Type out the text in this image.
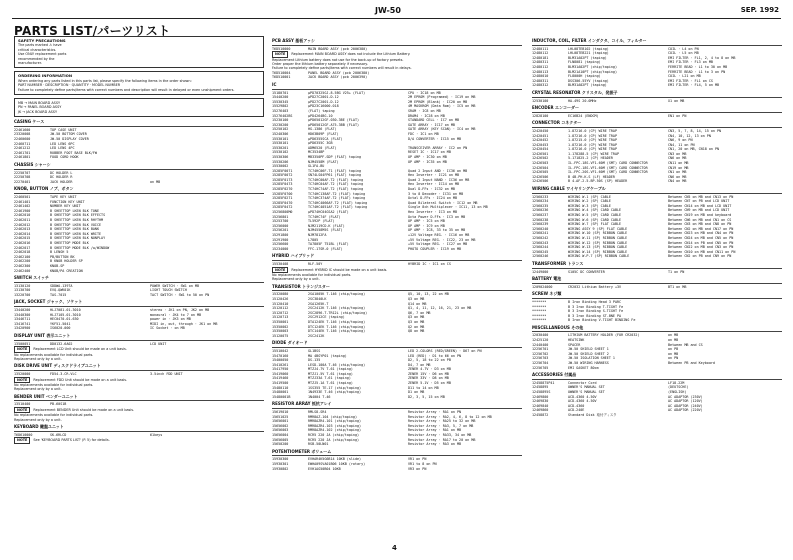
JW-50	SEP. 1992
PARTS LIST/パーツリスト
SAFETY PRECAUTIONS
The parts marked ⚠ have
critical characteristics.
Use ONLY replacement parts
recommended by the
manufacturer.
ORDERING INFORMATION
When ordering any parts listed in this parts list, please specify the following items in the order shown:
PART NUMBER · DESCRIPTION · QUANTITY · MODEL NUMBER
Failure to completely define parts/items with correct numbers and description will result in delayed or even unshipment orders.
MB → MAIN BOARD ASSY
PN → PANEL BOARD ASSY
JK → JACK BOARD ASSY
CASING ケース
22461600	TOP CASE UNIT
23320008	JW-50 BOTTOM COVER
22460600	JW-50 DISPLAY COVER
22460711	LED LENS 6PC
22461212	LED LENS 4PC
22461701	RUBBER FOOT BASE BLK/FW
22461801	FOOD CORD HOOK
CHASSIS シャーシ
22250707	DC HOLDER L
22250708	DC HOLDER R
22270401	JACK HOLDER	on MB
KNOB, BUTTON ノブ、ボタン
22460501	TAPE KEY UNIT
22461401	FUNCTION KEY UNIT
22461402	NUMBER KEY UNIT
22461900	B SHEETTOP LKEN BLK TONE
22462010	B SHEETTOP LKEN BLK EFFECTS
22462011	B SHEETTOP LKEN BLK RHYTHM
22462012	B SHEETTOP LKEN BLK VOICE
22462013	B SHEETTOP LKEN BLK BANK
22462014	B SHEETTOP LKEN BLK WRITE
22462015	B SHEETTOP LKEN BLK NONPLAY
22462016	B SHEETTOP MODE BLK
22462017	B SHEETTOP MODE BLK /w/WINDOW
22462018	B LENGH 5
22462100	PB/BUTTON BK
22462200	B KNOB HOLDER SP
22462300	KNOB-SP
22462400	KNOB/PA CREATION
SWITCH スイッチ
13130120	SDDWA-139TA	POWER SWITCH · SW1 on MB
13130700	EVQ-QWK01K	LIGHT TOUCH SWITCH
13220700	TAS-7015	TACT SWITCH · SW1 to 50 on PN
JACK, SOCKET ジャック、ソケット
13440200	HLJ7081-01-3010	stereo · JK1 on PN, JK2 on MB
13440300	HLJ7105-01-3010	monaural · JK4 to 7 on MB
13446711	HEC0470-01-630	power in · JK3 on MB
13416741	YKF51-5041	MIDI in, out, through · JK1 on MB
13420900	IS6020-000	IC Socket · on MB
DISPLAY UNIT 表示ユニット
13500051	DD0132-6A02	LCD UNIT
NOTE Replacement LCD Unit should be made on a unit basis.
No replacements available for individual parts.
Replacement only by a unit.
DISK DRIVE UNIT ディスクドライブユニット
13520000	FD54-3-CR-VLC	3.5inch FDD UNIT
NOTE Replacement FDD Unit should be made on a unit basis.
No replacements available for individual parts.
Replacement only by a unit.
BENDER UNIT ベンダーユニット
13510400	PB-60S1B
NOTE Replacement BENDER Unit should be made on a unit basis.
No replacements available for individual parts.
Replacement only by a unit.
KEYBOARD 鍵盤ユニット
T6D610000	SK-6RLCD	61keys
NOTE See 'KEYBOARD PARTS LIST' (P. 5) for details.
PCB ASSY 基板アッシ
T6D510000	MAIN BOARD ASSY (pcb 2006380)
NOTE Replacement MAIN BOARD ASSY does not include the Lithium Battery.
Replacement Lithium battery does not use for the back-up of factory presets.
Order proper the lithium battery separately if necessary.
Failure to completely define parts/items with correct numbers will result in delays.
T6D510004	PANEL BOARD ASSY (pcb 2006380)
T6D510001	JACK BOARD ASSY (pcb 2006390)
IC
15180701	μPD70325GJ-8-5BG V25+ (FLAT)	CPU · IC18 on MB
15440200	μPD27C2001-D-12	2M EPROM (Programed) · IC19 on MB
15530345	μPD27C2001-D-12	2M EPROM (Blank) · IC20 on MB
15529802	μPD23C16000-018	4M MASKROM (Data Rom) · IC5 on MB
15276403	(FLAT) taping	SRAM · IC8 on MB
15276402BS	μPD4264BG-10	DRAM4 · IC28 on MB
15230100	μPD65012GF-030-3BE (FLAT)	STANDARD CELL · IC7 on MB
15230200	μPD65012GF-A75-3BB (FLAT)	GATE ARRAY · IC17 on MB
15250102	HG-1386 (FLAT)	GATE ARRAY (KEY SCAN) · IC4 on MB
15240306	HD63B09P (FLAT)	FDC · IC1 on MB
15530101	μPD6355SCA (FLAT)	D/A CONVERTER · IC15 on MB
15530101	μPD6355C 3GB
15530201	ADM6520 (FLAT)	TRANSCEIVER ARRAY · IC2 on PN
15530102	MC3534BP	RESET IC · IC17 on MB
15530306	MB3350PF-SDP (FLAT) taping	OP AMP · IC30 on MB
15530206	NJM4558M (FLAT)	OP AMP · IC35 on MB
15530002	GL1FA-BU
15285F0071	TC74HC06F-T1 (FLAT) taping	Quad 2 Input AND · IC36 on MB
15285F0072	SN74LS04FP61 (FLAT) taping	Hex Inverter · IC21 on MB
15285F0173	TC74HC00AF-T2 (FLAT) taping	Quad 2 Input NAND · IC36 on MB
15285F0473	TC74HC04AF-T2 (FLAT) taping	Hex Inverter · IC14 on MB
15285F0270	TC74HC74AF-T2 (FLAT) taping	Dual D-FFs · IC32 on MB
15285F0700	TC74HC138AF-T2 (FLAT) taping	3 to 8 Decoder · IC31 on MB
15285F0271	TC74HC374AF-T2 (FLAT) taping	Octal D-FFs · IC24 on MB
15285F0470	TC74HC4066AF-T2 (FLAT) taping	Quad Bilateral Switch · IC12 on MB
15285F0472	TC74HC4051AF-T2 (FLAT) taping	Single 8ch Multiplexer · IC11, 13 on MB
15256800M0	μPD74HC04GSA2 (FLAT)	Hex Inverter · IC3 on MB
15256801	TC74HC74F (FLAT)	Octa Power D-FFs · IC3 on MB
15253700	TL592P (FLAT)	OP AMP · IC5 on MB
15256000	NJM2119CD-K (FLAT)	OP AMP · IC9 on MB
15256201	NJM4558M5S (FLAT)	OP AMP · IC8, 33 to 35 on MB
15291800	NJM7812FA	+12V Voltage REG. · IC16 on MB
15291900	L7805	+5V Voltage REG. · IC22, 23 on MB
15256600	TA7805F T51BL (FLAT)	+5V Voltage REG. · IC27 on MB
15234000	FFC-17SR-0 (FLAT)	PHOTO COUPLER · IC19 on MB
HYBRID ハイブリッド
15530408	RLF-50Y	HYBRID IC · IC1 on CS
NOTE Replacement HYBRID IC should be made on a unit basis.
No replacements available for individual parts.
Replacement only by a unit.
TRANSISTOR トランジスター
15320080	2SA1005K T-146 (chip/taping)	Q5, 10, 13, 22 on MB
15120426	2SC3840LK	Q3 on MB
15120410	2SA1265K-T	Q14 on MB
15120112	2SC2412K T-146 (chip/taping)	Q1, 4, 11, 12, 16, 21, 23 on MB
15120712	2SC2896-T-TR12L (chip/taping)	Q6, 7 on MB
15120713	2SC2912CE (taping)	Q3 on MB
15350001	DTA124EK T-146 (chip/taping)	Q3 on MB
15350002	DTC124EK T-146 (chip/taping)	Q2 on MB
15350003	DTC144EK T-146 (chip/taping)	Q8 on MB
15120075	2SC2412K
DIODE ダイオード
15510042	GL1BSS	LED 2-COLORS (RED/GREEN) · D67 on PN
15470160	MA 4BGYP01 (taping)	LED (RED) · D1 to 66 on PN
15400050	DS-135	D2, 5, 18 to 22 on PB
15410261	LESD-100A T-46 (chip/taping)	D4, 7 on MB
15417950	MTZJ4.7V T-61 (taping)	ZENER 4.7V · D3 on MB
15419060	MTZJ1.5V T-61 (taping)	ZENER 15V · D6 on MB
15419460	MTZJ33A T-61 (taping)	ZENER 33V · D8 on MB
15419500	MTZJ5.1A T-61 (taping)	ZENER 5.1V · D5 on MB
15480110	1SS355 TE-17 (chip/taping)	D11 to 14 on MB
15480001	1N4933E T-46 (chip/taping)	D1 on MB
15480001B	1N4004 T-46	D2, 3, 5, 15 on MB
RESISTOR ARRAY 抵抗アレイ
15619010	RMLS8-SR4	Resistor Array · RA1 on PN
15651025	RMR8AZ-104 (chip/taping)	Resistor Array · RA2, 4, 6, 8 to 12 on MB
15656001	RMR8AZR4-101 (chip/taping)	Resistor Array · RA25 to 32 on MB
15656002	RMR8AZR4-103 (chip/taping)	Resistor Array · RA3, 5, 7 on MB
15656003	RMR8AZR4-102 (chip/taping)	Resistor Array · RA1 on MB
15656004	RCR5 220 JA (chip/taping)	Resistor Array · RA33, 34 on MB
15656005	RCR5 220 JA (chip/taping)	Resistor Array · RA17 to 20 on MB
15650200	RSB-50LN01	Resistor Array · RA3 on MB
POTENTIOMETER ボリューム
15930300	EVHAR4K5G6B14 10KB (slide)	VR1 on PN
15930301	EWHA09SVA01B06 10KB (rotary)	VR1 to 8 on PN
15930802	EVH1AG50B04 10KB	VR3 on PN
INDUCTOR, COIL, FILTER インダクタ、コイル、フィルター
12480111	LHL08TEB102 (taping)	COIL · L4 on PN
12480112	LHL08TEB221 (taping)	COIL · L5 on MB
12480181	BLM31A02PT (taping)	EMI FILTER · FL1, 2, 4 to 8 on MB
12480311	FLN8081 (taping)	EMI FILTER · FL3 on MB
12480112	BLM31A02PT (chip/taping)	FERRITE BEAD · L1 to 30 on MB
12480113	BLM21A10PT (chip/taping)	FERRITE BEAD · L1 to 3 on PN
12480010	FL8000H (taping)	COIL · L21 on MB
12480311	DSS306-55YV (taping)	EMI FILTER · FL1 on CS
12480312	BLM31A02PT (taping)	EMI FILTER · FL4, 5 on MB
CRYSTAL RESONATOR クリスタル、発振子
12530100	HA-49S 20.0MHz	X1 on MB
ENCODER エンコーダー
12828100	EC16B24 (ENDCM)	EN1 on PN
CONNECTOR コネクター
12420450	1-87216-0 (CP) WIRE TRAP	CN3, 5, 7, 8, 14, 15 on PN
12420451	1-87216-0 (CP) WIRE TRAP	CN4, 10, 12, 13 on PN
12420452	1-87215-0 (CP) WIRE TRAP	CN6, 9 on PN
12420453	1-87216-0 (CP) WIRE TRAP	CN4, 11 on PN
12420454	1-87216-0 (CP) WIRE TRAP	CN1, 20 on MB, CN18 on PN
12426501	1-178288-5 (CP) WIRE TRAP	CN3 on MB
12426502	5-171825-2 (CP) HEADER	CN6 on MB
12426503	IL-FPC-18S-VF1-60M (SMT) CARD CONNECTOR	CN11 on MB
12426504	IL-FPC-18S-VF1-60M (SMT) CARD CONNECTOR	CN19 on MB
12426505	IL-FPC-20S-VF1-60M (SMT) CARD CONNECTOR	CN1 on MB
12426506	B 4B-PH-K-S (LF) HEADER	CN6 on MB
12426506	B 4-AF-2.5-BP-50S (SP) HEADER	CN4 on MB
WIRING CABLE ワイヤリングケーブル
12560233	WIRING W-1 (SP) CABLE	Between CN5 on MB and CN13 on PN
12560234	WIRING W-2 (SP) CABLE	Between CN7 on PB and LCD UNIT
12560235	WIRING W-3 (SP) CABLE	Between CN14 on MB and LCD UNIT
12560236	WIRING W-4 (SP) CARD CABLE	Between CN9 on MB and LCD UNIT
12560237	WIRING W-5 (SP) CARD CABLE	Between CN19 on MB and keyboard
12560238	WIRING W-6 (SP) CARD CABLE	Between CN6 on MB and CN1 on CS
12560239	WIRING W-7 (SP) FLAT CABLE	Between CN3 on MB and CN8 on PN
12560240	WIRING ASSY 9 (SP) FLAT CABLE	Between CN2 on MB and CN17 on PN
12560241	WIRING W-10 (SP) RIBBON CABLE	Between CN23 on MB and CN4 on PN
12560242	WIRING W-11 (SP) RIBBON CABLE	Between CN24 on MB and CN5 on PN
12560243	WIRING W-12 (SP) RIBBON CABLE	Between CN14 on PB and CN5 on PN
12560244	WIRING W-13 (SP) RIBBON CABLE	Between CN22 on MB and CN3 on PN
12560245	WIRING W-14 (SP) RIBBON CABLE	Between CN10 on MB and CN11 on PN
12560246	WIRING W-P-7 (SP) RIBBON CABLE	Between CN2 on PB and CN9 on PN
TRANSFORMER トランス
12449000	S105C DC CONVERTER	T1 on PN
BATTERY 電池
1209024000	CR2032 Lithium Battery +3V	BT1 on MB
SCREW ネジ類
*******	B Iron Binding Head 3 PARC
*******	B 3 Iron Binding T-TIGHT Fe
*******	B 3 Iron Binding S-TIGHT Fe
*******	B 3 Iron Binding ST-BNE PA
*******	B Iron Binding V-TIGHT BINDING Fe
MISCELLANEOUS その他
12030400	LITHIUM BATTERY HOLDER (FOR CR2032)	on MB
12425120	HEATSINK	on MB
12440400	SPACER	Between MB and CS
12256701	JW-50 SHIELD SHEET 1	on PB
12256702	JW-50 SHIELD SHEET 2	on MB
12256703	JW-50 ISOLATION SHEET 1	on PN
12256704	JW-50 WIRING HARNESS	Between PB and Keyboard
12256705	EMI GASKET 80cm
ACCESSORIES 付属品
12458875P41	Connector Cord	LF18.22M
12458895	OWNER'S MANUAL SET	(DEUTSCHE)
12458895S	OWNER'S MANUAL SET	(ENGLISH)
12469800	ACD-4360 4-50V	AC ADAPTOR (230V)
12469830	ACD-4360 4-50V	AC ADAPTOR (120V)
12469840	ACD-4360	AC ADAPTOR (240V)
12469860	ACD-240E	AC ADAPTOR (220V)
12458872	Standard Disk 取付ディスク
4
